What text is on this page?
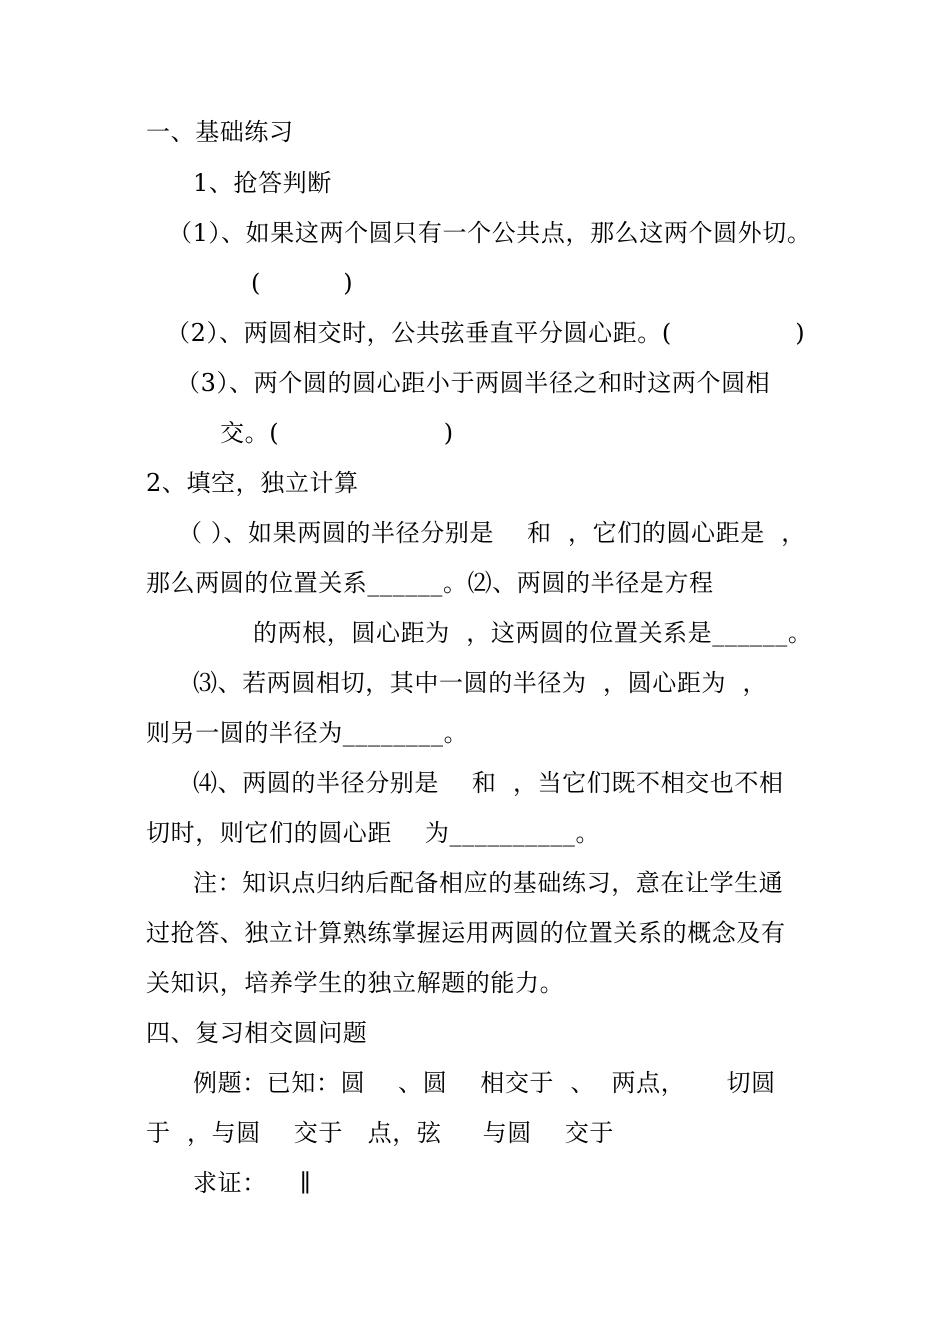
一、基础练习
1、抢答判断
（1）、如果这两个圆只有一个公共点，那么这两个圆外切。
(          )
（2）、两圆相交时，公共弦垂直平分圆心距。(               )
（3）、两个圆的圆心距小于两圆半径之和时这两个圆相
交。(                    )
2、填空，独立计算
（ ）、如果两圆的半径分别是    和  ，它们的圆心距是  ，
那么两圆的位置关系______。⑵、两圆的半径是方程
的两根，圆心距为  ，这两圆的位置关系是______。
⑶、若两圆相切，其中一圆的半径为  ，圆心距为  ，
则另一圆的半径为________。
⑷、两圆的半径分别是    和  ，当它们既不相交也不相
切时，则它们的圆心距    为__________。
注：知识点归纳后配备相应的基础练习，意在让学生通
过抢答、独立计算熟练掌握运用两圆的位置关系的概念及有
关知识，培养学生的独立解题的能力。
四、复习相交圆问题
例题：已知：圆    、圆    相交于  、  两点，     切圆
于  ，与圆    交于   点，弦     与圆    交于
求证：    ∥
